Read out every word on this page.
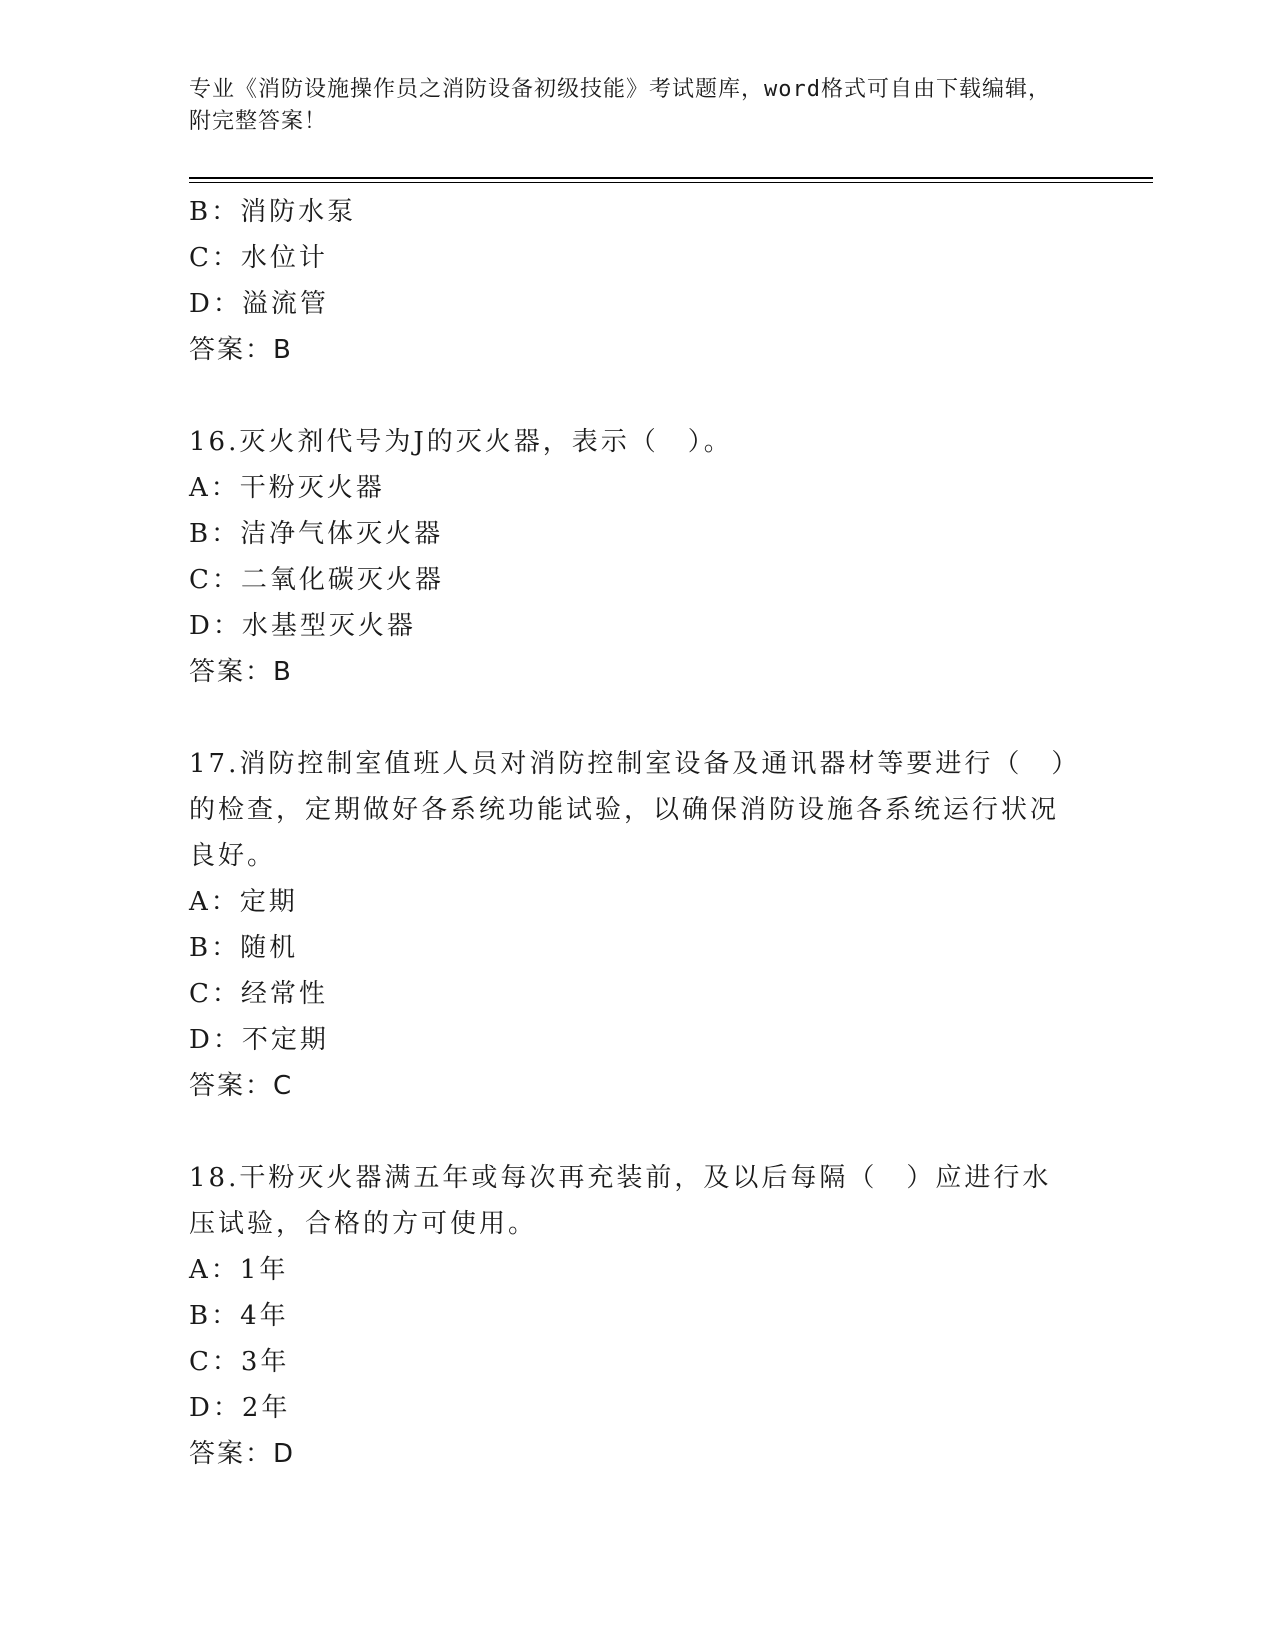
专业《消防设施操作员之消防设备初级技能》考试题库，word格式可自由下载编辑，附完整答案！
B：消防水泵
C：水位计
D：溢流管
答案：B
16.灭火剂代号为J的灭火器，表示（　）。
A：干粉灭火器
B：洁净气体灭火器
C：二氧化碳灭火器
D：水基型灭火器
答案：B
17.消防控制室值班人员对消防控制室设备及通讯器材等要进行（　）的检查，定期做好各系统功能试验，以确保消防设施各系统运行状况良好。
A：定期
B：随机
C：经常性
D：不定期
答案：C
18.干粉灭火器满五年或每次再充装前，及以后每隔（　）应进行水压试验，合格的方可使用。
A：1年
B：4年
C：3年
D：2年
答案：D
